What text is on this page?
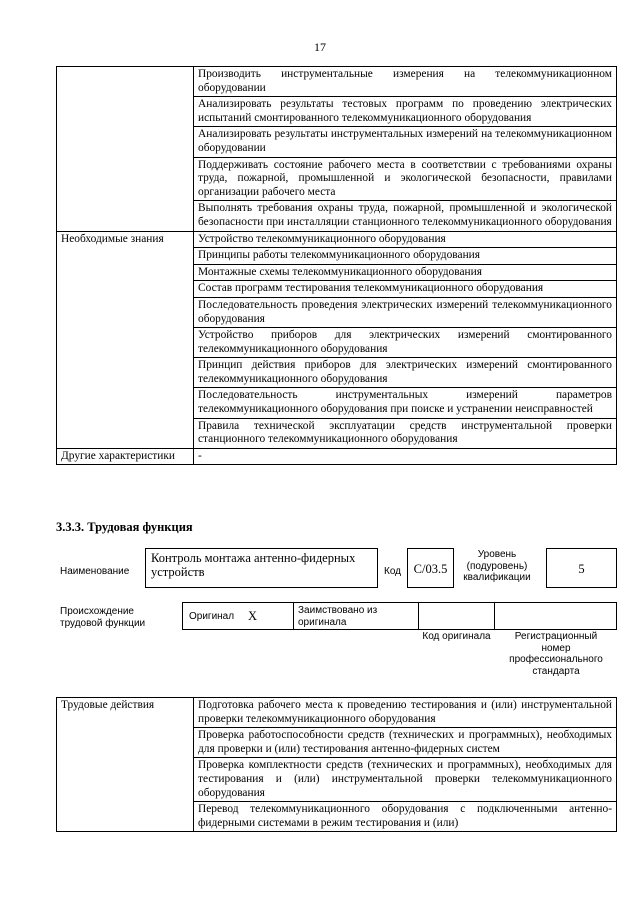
17
	Производить инструментальные измерения на телекоммуникационном оборудовании
	Анализировать результаты тестовых программ по проведению электрических испытаний смонтированного телекоммуникационного оборудования
	Анализировать результаты инструментальных измерений на телекоммуникационном оборудовании
	Поддерживать состояние рабочего места в соответствии с требованиями охраны труда, пожарной, промышленной и экологической безопасности, правилами организации рабочего места
	Выполнять требования охраны труда, пожарной, промышленной и экологической безопасности при инсталляции станционного телекоммуникационного оборудования
Необходимые знания	Устройство телекоммуникационного оборудования
	Принципы работы телекоммуникационного оборудования
	Монтажные схемы телекоммуникационного оборудования
	Состав программ тестирования телекоммуникационного оборудования
	Последовательность проведения электрических измерений телекоммуникационного оборудования
	Устройство приборов для электрических измерений смонтированного телекоммуникационного оборудования
	Принцип действия приборов для электрических измерений смонтированного телекоммуникационного оборудования
	Последовательность инструментальных измерений параметров телекоммуникационного оборудования при поиске и устранении неисправностей
	Правила технической эксплуатации средств инструментальной проверки станционного телекоммуникационного оборудования
Другие характеристики	-
3.3.3. Трудовая функция
Наименование
Контроль монтажа антенно-фидерных устройств	Код	C/03.5
Уровень (подуровень) квалификации
5
Происхождение трудовой функции
Оригинал X	Заимствовано из оригинала
Код оригинала	Регистрационный номер профессионального стандарта
Трудовые действия	Подготовка рабочего места к проведению тестирования и (или) инструментальной проверки телекоммуникационного оборудования
Проверка работоспособности средств (технических и программных), необходимых для проверки и (или) тестирования антенно-фидерных систем
Проверка комплектности средств (технических и программных), необходимых для тестирования и (или) инструментальной проверки телекоммуникационного оборудования
Перевод телекоммуникационного оборудования с подключенными антенно-фидерными системами в режим тестирования и (или)
